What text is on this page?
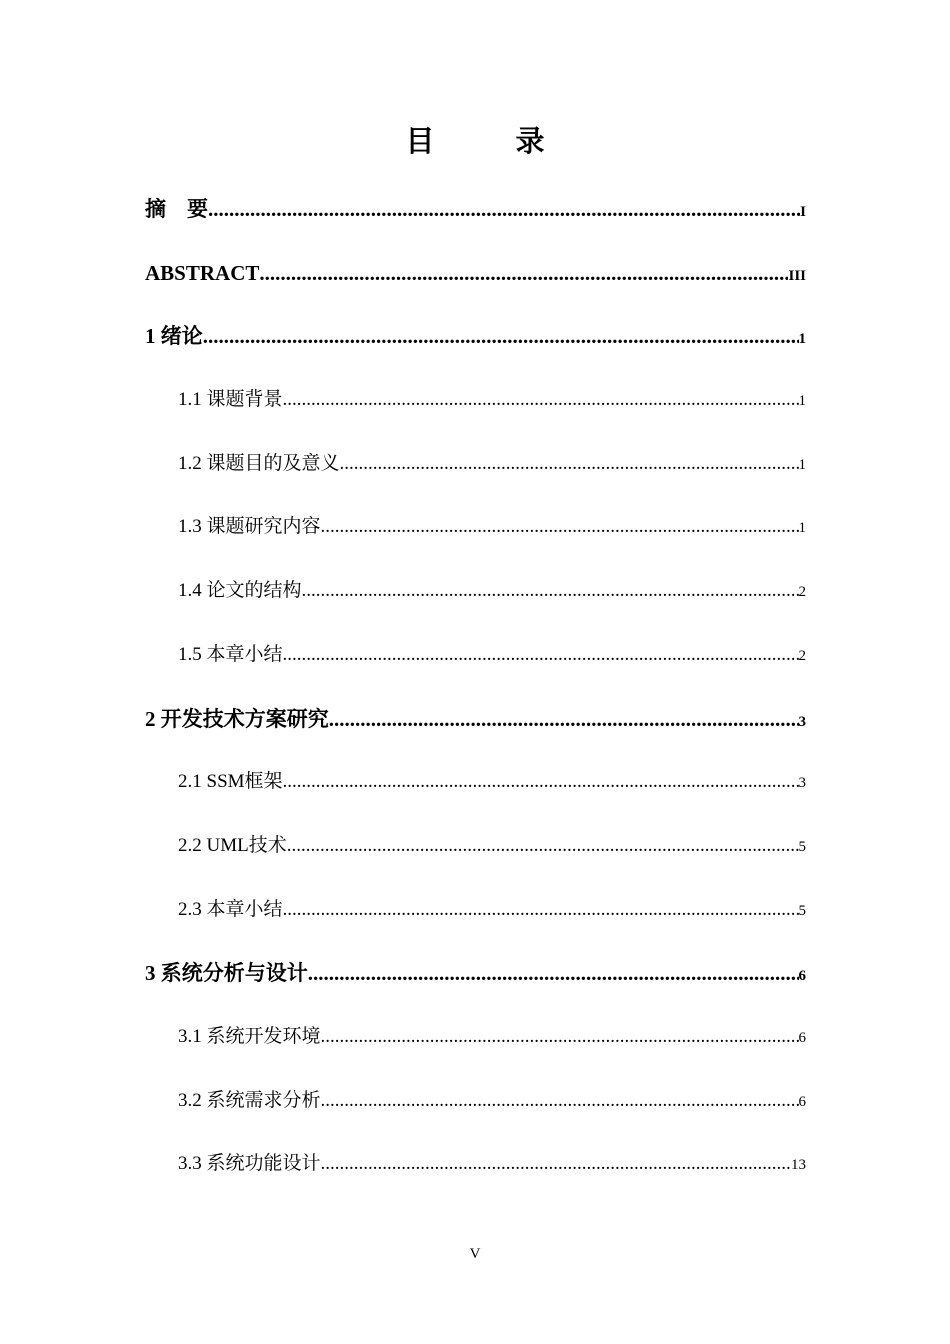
目　录
摘　要 .....	I
ABSTRACT .....	III
1 绪论 .....	1
1.1 课题背景 .....	1
1.2 课题目的及意义 .....	1
1.3 课题研究内容 .....	1
1.4 论文的结构 .....	2
1.5 本章小结 .....	2
2 开发技术方案研究 .....	3
2.1 SSM框架 .....	3
2.2 UML技术 .....	5
2.3 本章小结 .....	5
3 系统分析与设计 .....	6
3.1 系统开发环境 .....	6
3.2 系统需求分析 .....	6
3.3 系统功能设计 .....	13
V
